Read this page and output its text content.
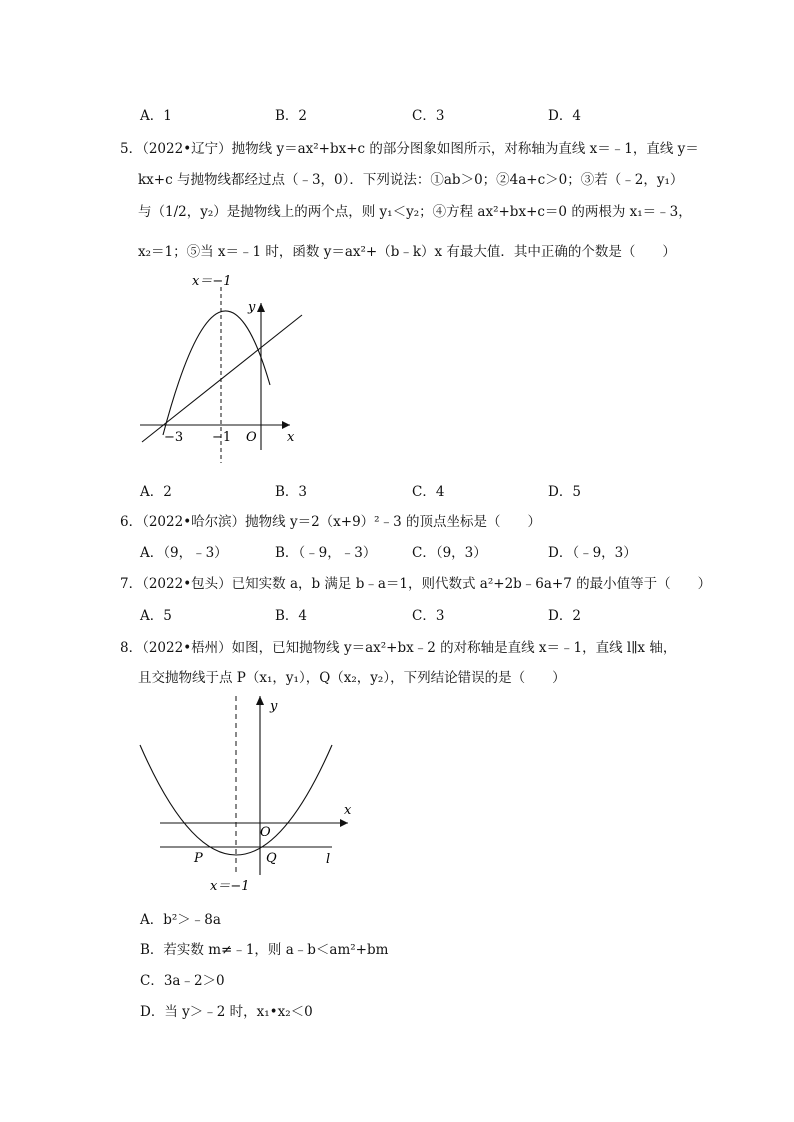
A．1	B．2	C．3	D．4
5．（2022•辽宁）抛物线 y＝ax²+bx+c 的部分图象如图所示，对称轴为直线 x＝﹣1，直线 y＝
kx+c 与抛物线都经过点（﹣3，0）．下列说法：①ab＞0；②4a+c＞0；③若（﹣2，y₁）
与（1/2，y₂）是抛物线上的两个点，则 y₁＜y₂；④方程 ax²+bx+c＝0 的两根为 x₁＝﹣3，
x₂＝1；⑤当 x＝﹣1 时，函数 y＝ax²+（b﹣k）x 有最大值．其中正确的个数是（　　）
x＝−1
y
x
O
−3 −1
A．2	B．3	C．4	D．5
6．（2022•哈尔滨）抛物线 y＝2（x+9）²﹣3 的顶点坐标是（　　）
A．（9，﹣3）	B．（﹣9，﹣3）	C．（9，3）	D．（﹣9，3）
7．（2022•包头）已知实数 a，b 满足 b﹣a＝1，则代数式 a²+2b﹣6a+7 的最小值等于（　　）
A．5	B．4	C．3	D．2
8．（2022•梧州）如图，已知抛物线 y＝ax²+bx﹣2 的对称轴是直线 x＝﹣1，直线 l∥x 轴，
且交抛物线于点 P（x₁，y₁），Q（x₂，y₂），下列结论错误的是（　　）
y
x
O
P	Q	l
x＝−1
A．b²＞﹣8a
B．若实数 m≠﹣1，则 a﹣b＜am²+bm
C．3a﹣2＞0
D．当 y＞﹣2 时，x₁•x₂＜0
